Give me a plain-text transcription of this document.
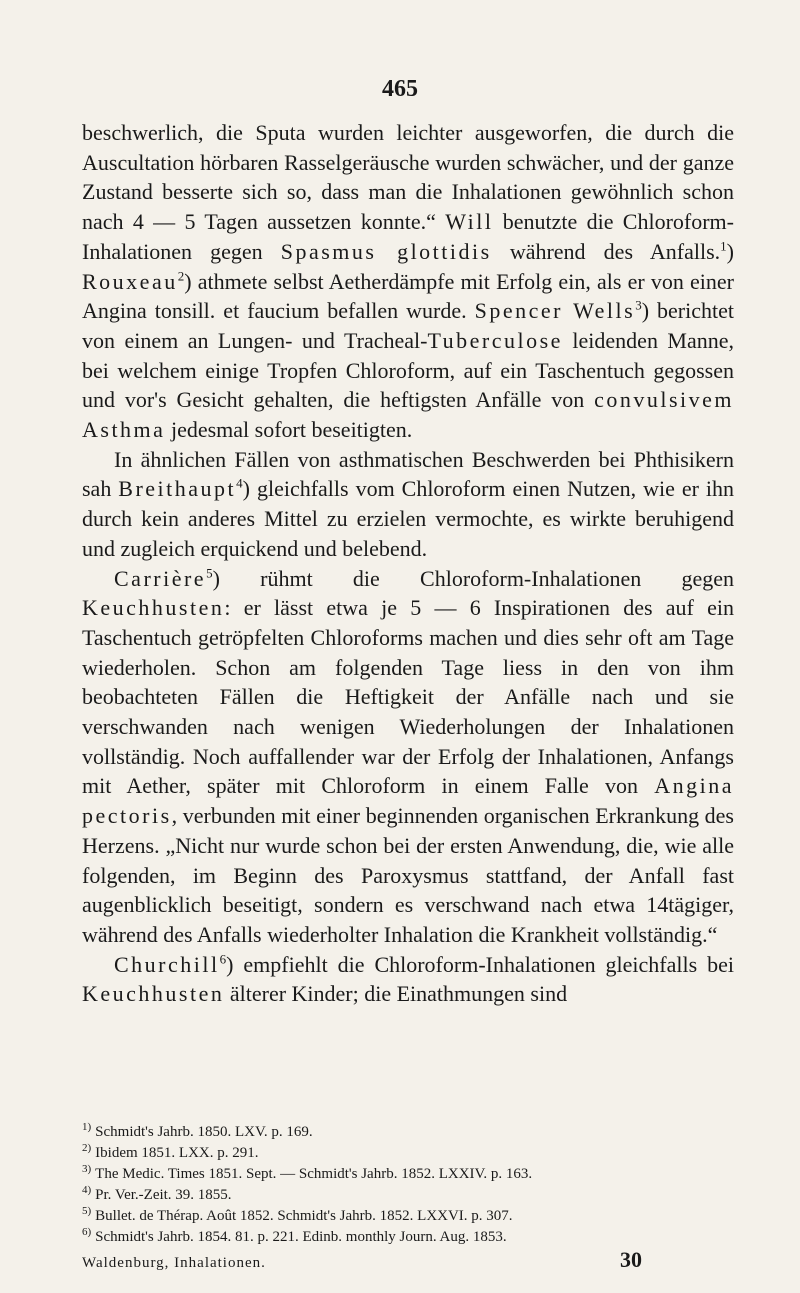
465

beschwerlich, die Sputa wurden leichter ausgeworfen, die durch die Auscultation hörbaren Rasselgeräusche wurden schwächer, und der ganze Zustand besserte sich so, dass man die Inhalationen gewöhnlich schon nach 4 — 5 Tagen aussetzen konnte.“ Will benutzte die Chloroform-Inhalationen gegen Spasmus glottidis während des Anfalls.$^1$) Rouxeau$^2$) athmete selbst Aetherdämpfe mit Erfolg ein, als er von einer Angina tonsill. et faucium befallen wurde. Spencer Wells$^3$) berichtet von einem an Lungen- und Tracheal-Tuberculose leidenden Manne, bei welchem einige Tropfen Chloroform, auf ein Taschentuch gegossen und vor's Gesicht gehalten, die heftigsten Anfälle von convulsivem Asthma jedesmal sofort beseitigten.

In ähnlichen Fällen von asthmatischen Beschwerden bei Phthisikern sah Breithaupt$^4$) gleichfalls vom Chloroform einen Nutzen, wie er ihn durch kein anderes Mittel zu erzielen vermochte, es wirkte beruhigend und zugleich erquickend und belebend.

Carrière$^5$) rühmt die Chloroform-Inhalationen gegen Keuchhusten: er lässt etwa je 5 — 6 Inspirationen des auf ein Taschentuch getröpfelten Chloroforms machen und dies sehr oft am Tage wiederholen. Schon am folgenden Tage liess in den von ihm beobachteten Fällen die Heftigkeit der Anfälle nach und sie verschwanden nach wenigen Wiederholungen der Inhalationen vollständig. Noch auffallender war der Erfolg der Inhalationen, Anfangs mit Aether, später mit Chloroform in einem Falle von Angina pectoris, verbunden mit einer beginnenden organischen Erkrankung des Herzens. „Nicht nur wurde schon bei der ersten Anwendung, die, wie alle folgenden, im Beginn des Paroxysmus stattfand, der Anfall fast augenblicklich beseitigt, sondern es verschwand nach etwa 14tägiger, während des Anfalls wiederholter Inhalation die Krankheit vollständig.“

Churchill$^6$) empfiehlt die Chloroform-Inhalationen gleichfalls bei Keuchhusten älterer Kinder; die Einathmungen sind

$^{1)}$ Schmidt's Jahrb. 1850. LXV. p. 169.
$^{2)}$ Ibidem 1851. LXX. p. 291.
$^{3)}$ The Medic. Times 1851. Sept. — Schmidt's Jahrb. 1852. LXXIV. p. 163.
$^{4)}$ Pr. Ver.-Zeit. 39. 1855.
$^{5)}$ Bullet. de Thérap. Août 1852. Schmidt's Jahrb. 1852. LXXVI. p. 307.
$^{6)}$ Schmidt's Jahrb. 1854. 81. p. 221. Edinb. monthly Journ. Aug. 1853.
Waldenburg, Inhalationen.	30
